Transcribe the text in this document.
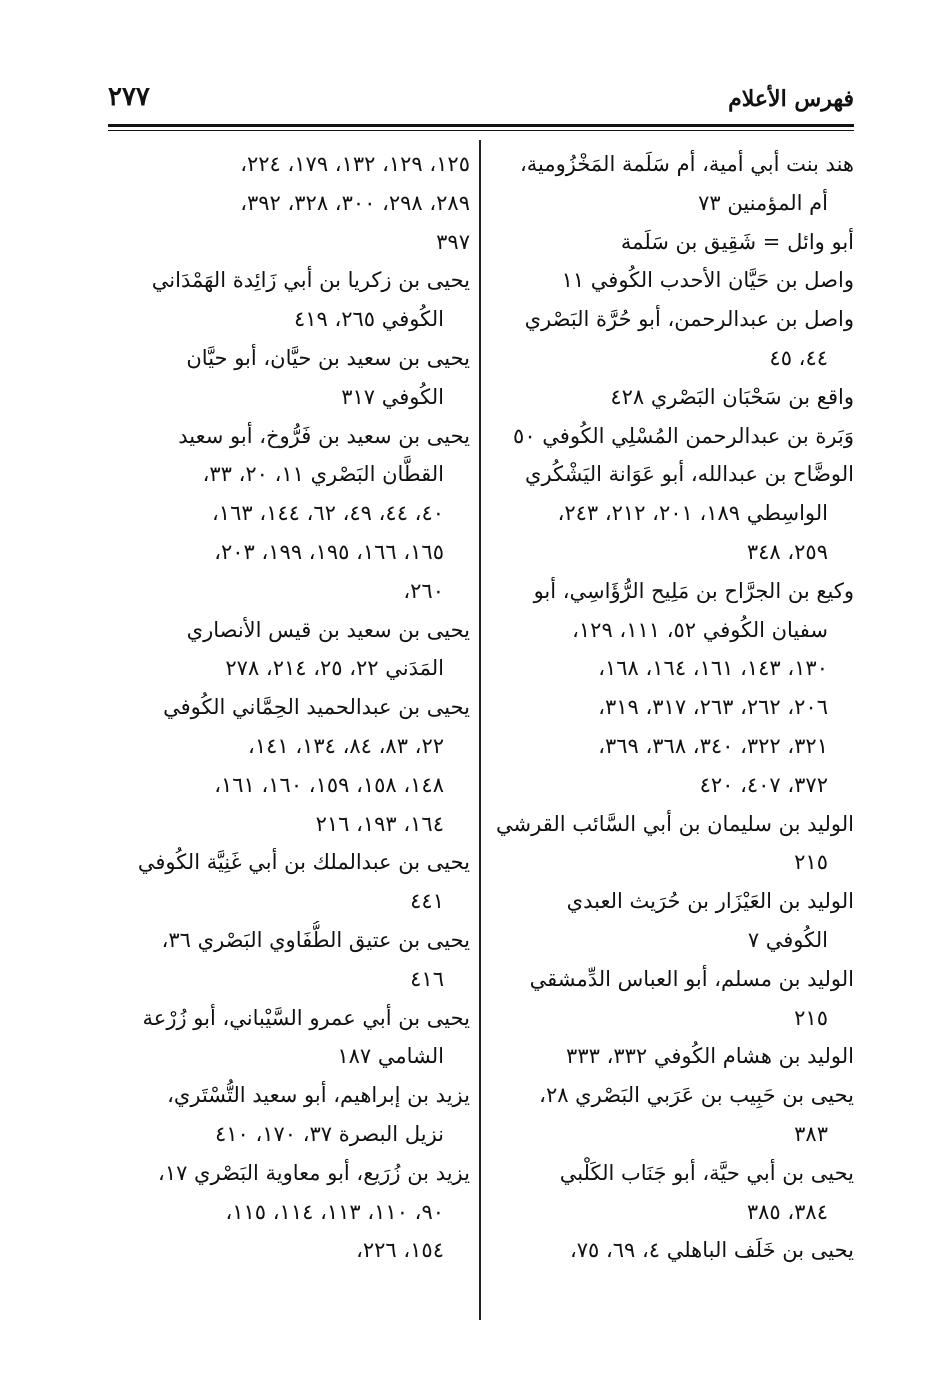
فهرس الأعلام
٢٧٧
هند بنت أبي أمية، أم سَلَمة المَخْزُومية،
أم المؤمنين ٧٣
أبو وائل = شَقِيق بن سَلَمة
واصل بن حَيَّان الأحدب الكُوفي ١١
واصل بن عبدالرحمن، أبو حُرَّة البَصْري
٤٤، ٤٥
واقع بن سَحْبَان البَصْري ٤٢٨
وَبَرة بن عبدالرحمن المُسْلِي الكُوفي ٥٠
الوضَّاح بن عبدالله، أبو عَوَانة اليَشْكُري
الواسِطي ١٨٩، ٢٠١، ٢١٢، ٢٤٣،
٢٥٩، ٣٤٨
وكيع بن الجرَّاح بن مَلِيح الرُّؤَاسِي، أبو
سفيان الكُوفي ٥٢، ١١١، ١٢٩،
١٣٠، ١٤٣، ١٦١، ١٦٤، ١٦٨،
٢٠٦، ٢٦٢، ٢٦٣، ٣١٧، ٣١٩،
٣٢١، ٣٢٢، ٣٤٠، ٣٦٨، ٣٦٩،
٣٧٢، ٤٠٧، ٤٢٠
الوليد بن سليمان بن أبي السَّائب القرشي
٢١٥
الوليد بن العَيْزَار بن حُرَيث العبدي
الكُوفي ٧
الوليد بن مسلم، أبو العباس الدِّمشقي
٢١٥
الوليد بن هشام الكُوفي ٣٣٢، ٣٣٣
يحيى بن حَبِيب بن عَرَبي البَصْري ٢٨،
٣٨٣
يحيى بن أبي حيَّة، أبو جَنَاب الكَلْبي
٣٨٤، ٣٨٥
يحيى بن خَلَف الباهلي ٤، ٦٩، ٧٥،
١٢٥، ١٢٩، ١٣٢، ١٧٩، ٢٢٤،
٢٨٩، ٢٩٨، ٣٠٠، ٣٢٨، ٣٩٢،
٣٩٧
يحيى بن زكريا بن أبي زَائِدة الهَمْدَاني
الكُوفي ٢٦٥، ٤١٩
يحيى بن سعيد بن حيَّان، أبو حيَّان
الكُوفي ٣١٧
يحيى بن سعيد بن فَرُّوخ، أبو سعيد
القطَّان البَصْري ١١، ٢٠، ٣٣،
٤٠، ٤٤، ٤٩، ٦٢، ١٤٤، ١٦٣،
١٦٥، ١٦٦، ١٩٥، ١٩٩، ٢٠٣،
٢٦٠،
يحيى بن سعيد بن قيس الأنصاري
المَدَني ٢٢، ٢٥، ٢١٤، ٢٧٨
يحيى بن عبدالحميد الحِمَّاني الكُوفي
٢٢، ٨٣، ٨٤، ١٣٤، ١٤١،
١٤٨، ١٥٨، ١٥٩، ١٦٠، ١٦١،
١٦٤، ١٩٣، ٢١٦
يحيى بن عبدالملك بن أبي غَنِيَّة الكُوفي
٤٤١
يحيى بن عتيق الطُّفَاوي البَصْري ٣٦،
٤١٦
يحيى بن أبي عمرو السَّيْباني، أبو زُرْعة
الشامي ١٨٧
يزيد بن إبراهيم، أبو سعيد التُّسْتَري،
نزيل البصرة ٣٧، ١٧٠، ٤١٠
يزيد بن زُرَيع، أبو معاوية البَصْري ١٧،
٩٠، ١١٠، ١١٣، ١١٤، ١١٥،
١٥٤، ٢٢٦،
